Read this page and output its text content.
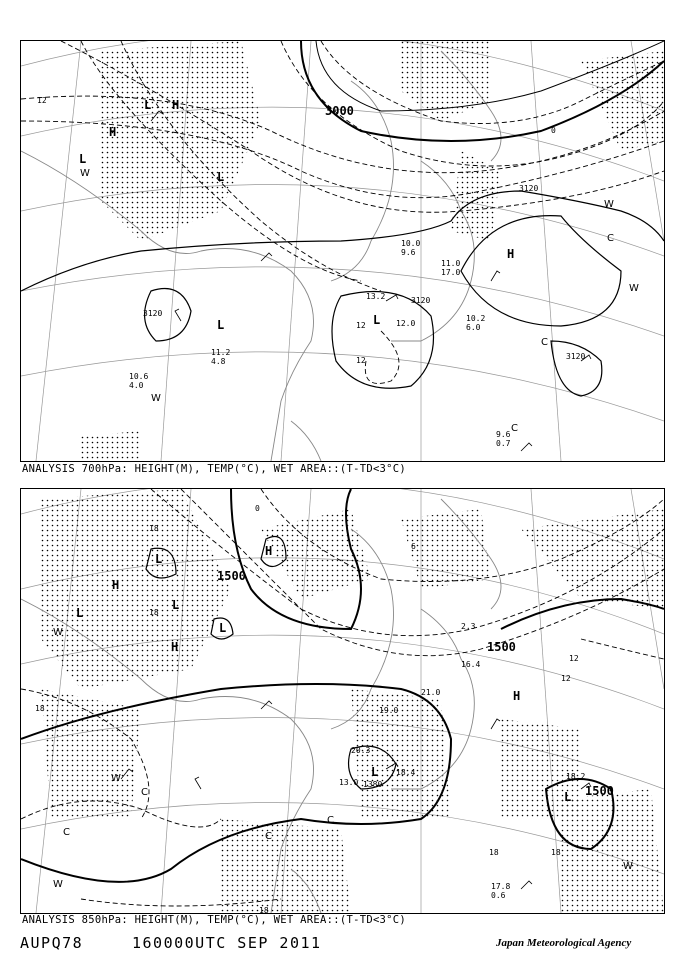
3000
3120
3120
3120
3120
12
0
12
12
L H
H
L
L
L	L
H
C
C
C
W
W
W
W
10.2
6.0
9.6
0.7
11.2
4.8
10.6
4.0
13.2
12.0
11.0
17.0
10.0
9.6
ANALYSIS 700hPa: HEIGHT(M), TEMP(°C), WET AREA::(T-TD<3°C)
1500
1500
1500
1380
18
18
12
12
18
18
18
6
0
18
L
L
L
L
L
L
H
H
H
H
W
W
W
W
C
C
C
C
17.8
0.6
20.3
21.0
18.4
13.0
19.0
16.4
2.3
18.2
ANALYSIS 850hPa: HEIGHT(M), TEMP(°C), WET AREA::(T-TD<3°C)
AUPQ78	160000UTC SEP 2011	Japan Meteorological Agency
